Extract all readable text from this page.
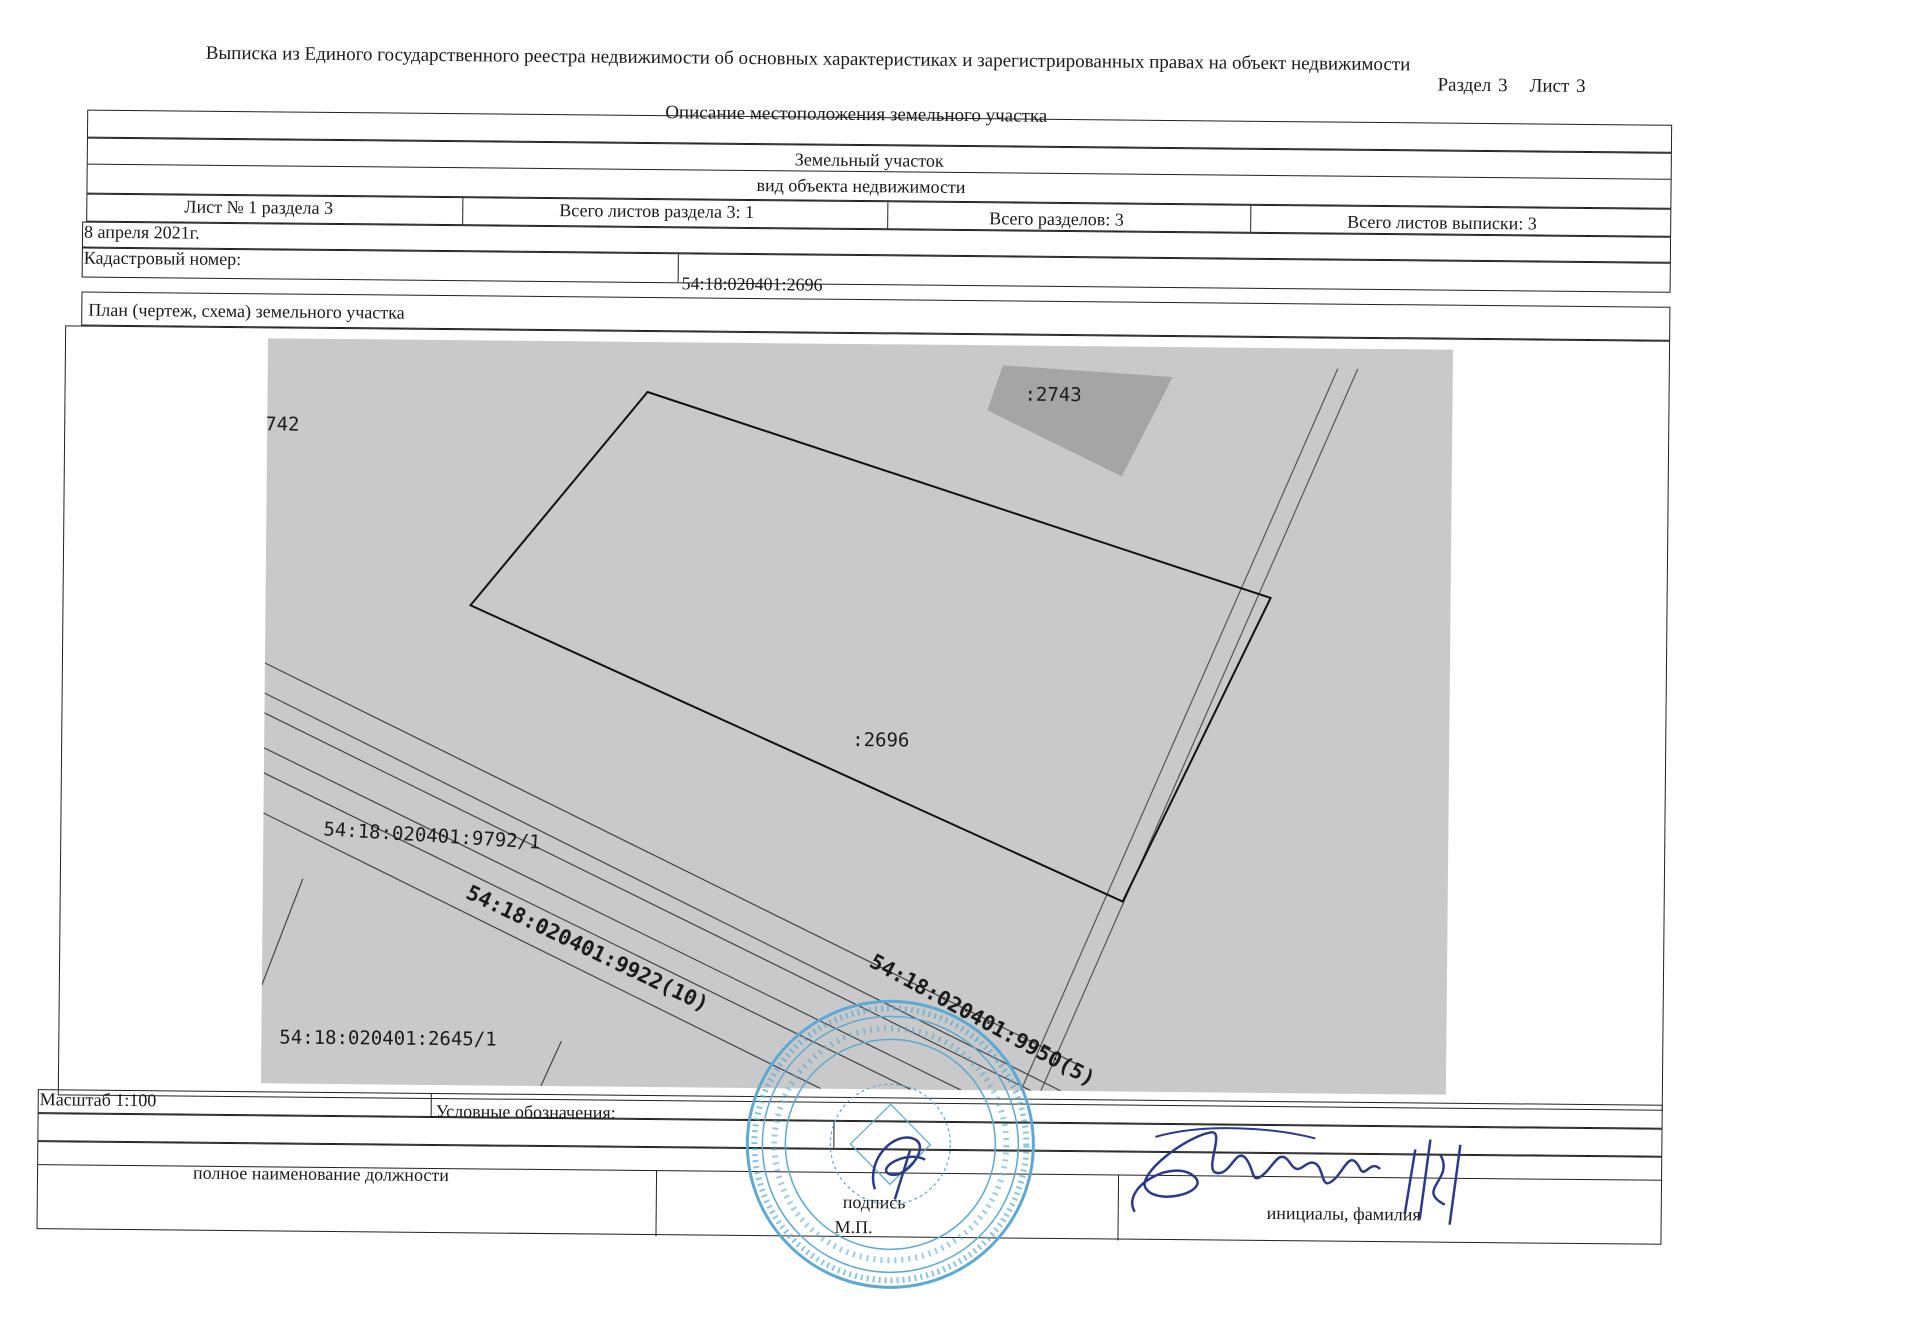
Выписка из Единого государственного реестра недвижимости об основных характеристиках и зарегистрированных правах на объект недвижимости
Раздел 3 Лист 3
Описание местоположения земельного участка
Земельный участок
вид объекта недвижимости
Лист № 1 раздела 3	Всего листов раздела 3: 1	Всего разделов: 3	Всего листов выписки: 3
8 апреля 2021г.
Кадастровый номер:
54:18:020401:2696
План (чертеж, схема) земельного участка
742
:2743
:2696
54:18:020401:9792/1
54:18:020401:9922(10)
54:18:020401:9950(5)
54:18:020401:2645/1
Масштаб 1:100
Условные обозначения:
полное наименование должности
подпись
М.П.
инициалы, фамилия
